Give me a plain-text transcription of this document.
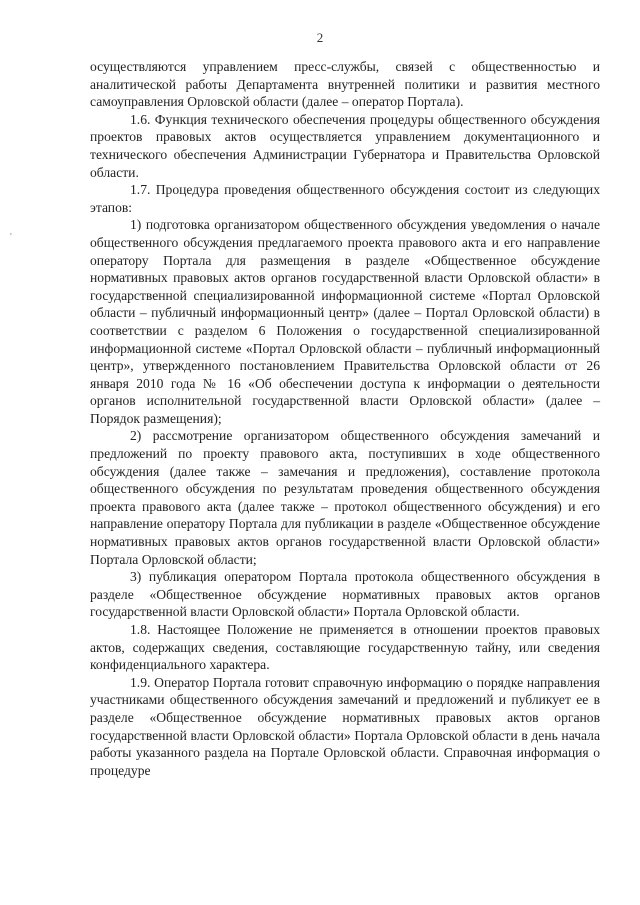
2
'

осуществляются управлением пресс-службы, связей с общественностью и аналитической работы Департамента внутренней политики и развития местного самоуправления Орловской области (далее – оператор Портала).

1.6. Функция технического обеспечения процедуры общественного обсуждения проектов правовых актов осуществляется управлением документационного и технического обеспечения Администрации Губернатора и Правительства Орловской области.

1.7. Процедура проведения общественного обсуждения состоит из следующих этапов:

1) подготовка организатором общественного обсуждения уведомления о начале общественного обсуждения предлагаемого проекта правового акта и его направление оператору Портала для размещения в разделе «Общественное обсуждение нормативных правовых актов органов государственной власти Орловской области» в государственной специализированной информационной системе «Портал Орловской области – публичный информационный центр» (далее – Портал Орловской области) в соответствии с разделом 6 Положения о государственной специализированной информационной системе «Портал Орловской области – публичный информационный центр», утвержденного постановлением Правительства Орловской области от 26 января 2010 года № 16 «Об обеспечении доступа к информации о деятельности органов исполнительной государственной власти Орловской области» (далее – Порядок размещения);

2) рассмотрение организатором общественного обсуждения замечаний и предложений по проекту правового акта, поступивших в ходе общественного обсуждения (далее также – замечания и предложения), составление протокола общественного обсуждения по результатам проведения общественного обсуждения проекта правового акта (далее также – протокол общественного обсуждения) и его направление оператору Портала для публикации в разделе «Общественное обсуждение нормативных правовых актов органов государственной власти Орловской области» Портала Орловской области;

3) публикация оператором Портала протокола общественного обсуждения в разделе «Общественное обсуждение нормативных правовых актов органов государственной власти Орловской области» Портала Орловской области.

1.8. Настоящее Положение не применяется в отношении проектов правовых актов, содержащих сведения, составляющие государственную тайну, или сведения конфиденциального характера.

1.9. Оператор Портала готовит справочную информацию о порядке направления участниками общественного обсуждения замечаний и предложений и публикует ее в разделе «Общественное обсуждение нормативных правовых актов органов государственной власти Орловской области» Портала Орловской области в день начала работы указанного раздела на Портале Орловской области. Справочная информация о процедуре
